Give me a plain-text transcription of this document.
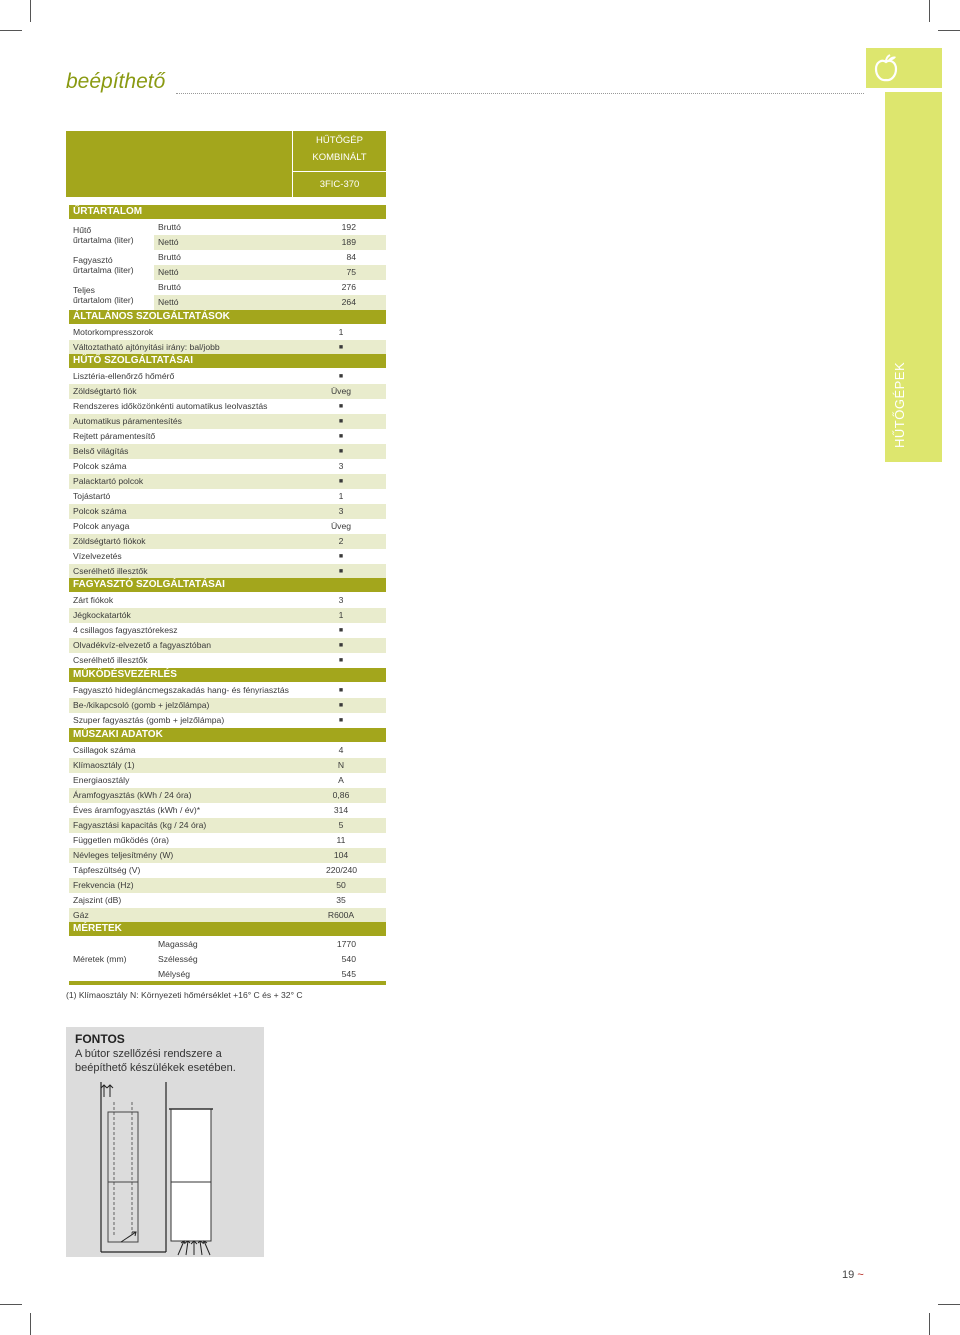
beépíthető
HŰTŐGÉPEK
HŰTŐGÉP
KOMBINÁLT
3FIC-370
ŰRTARTALOM
Hűtő
űrtartalma (liter)
Bruttó	192
Nettó	189
Fagyasztó
űrtartalma (liter)
Bruttó	84
Nettó	75
Teljes
űrtartalom (liter)
Bruttó	276
Nettó	264
ÁLTALÁNOS SZOLGÁLTATÁSOK
Motorkompresszorok	1
Változtatható ajtónyitási irány: bal/jobb	■
HŰTŐ SZOLGÁLTATÁSAI
Lisztéria-ellenőrző hőmérő	■
Zöldségtartó fiók	Üveg
Rendszeres időközönkénti automatikus leolvasztás	■
Automatikus páramentesítés	■
Rejtett páramentesítő	■
Belső világítás	■
Polcok száma	3
Palacktartó polcok	■
Tojástartó	1
Polcok száma	3
Polcok anyaga	Üveg
Zöldségtartó fiókok	2
Vízelvezetés	■
Cserélhető illesztők	■
FAGYASZTÓ SZOLGÁLTATÁSAI
Zárt fiókok	3
Jégkockatartók	1
4 csillagos fagyasztórekesz	■
Olvadékvíz-elvezető a fagyasztóban	■
Cserélhető illesztők	■
MŰKÖDÉSVEZÉRLÉS
Fagyasztó hidegláncmegszakadás hang- és fényriasztás	■
Be-/kikapcsoló (gomb + jelzőlámpa)	■
Szuper fagyasztás (gomb + jelzőlámpa)	■
MŰSZAKI ADATOK
Csillagok száma	4
Klímaosztály (1)	N
Energiaosztály	A
Áramfogyasztás (kWh / 24 óra)	0,86
Éves áramfogyasztás (kWh / év)*	314
Fagyasztási kapacitás (kg / 24 óra)	5
Független működés (óra)	11
Névleges teljesítmény (W)	104
Tápfeszültség (V)	220/240
Frekvencia (Hz)	50
Zajszint (dB)	35
Gáz	R600A
MÉRETEK
Méretek (mm)
Magasság	1770
Szélesség	540
Mélység	545
(1) Klímaosztály N: Környezeti hőmérséklet +16° C és + 32° C
FONTOS
A bútor szellőzési rendszere a beépíthető készülékek esetében.
19 ~
